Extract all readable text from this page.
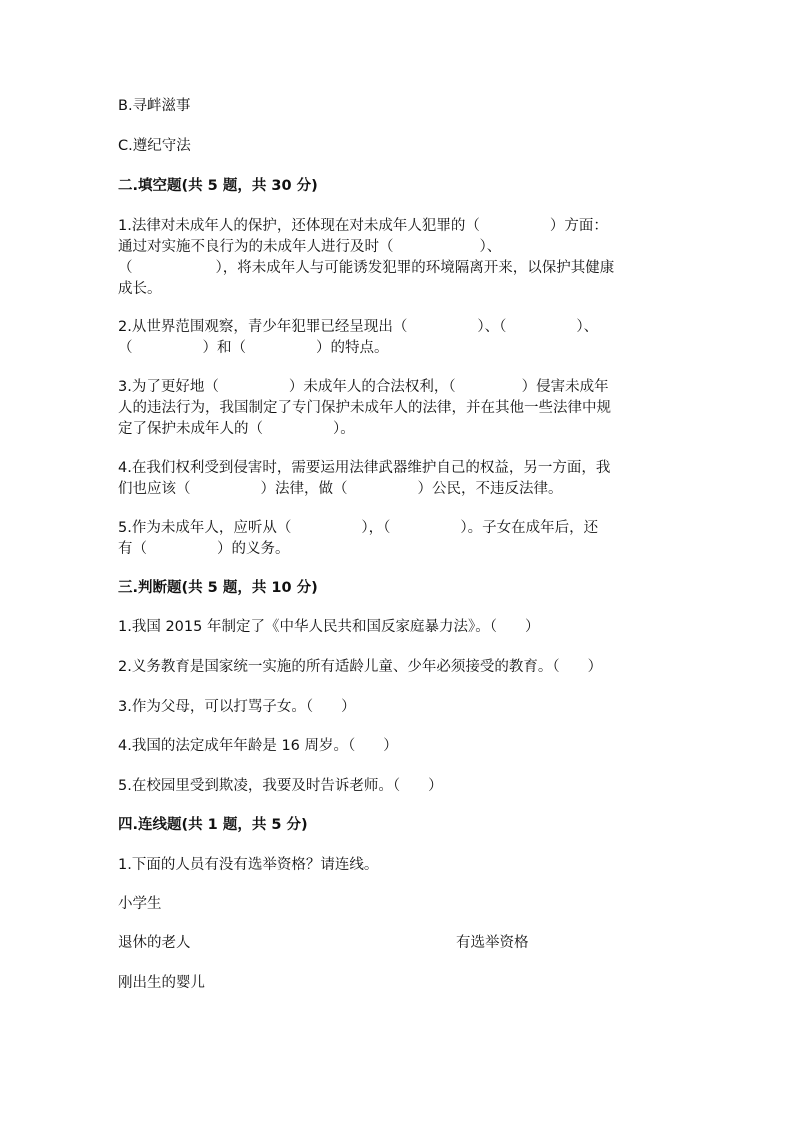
B.寻衅滋事
C.遵纪守法
二.填空题(共 5 题，共 30 分)
1.法律对未成年人的保护，还体现在对未成年人犯罪的（	）方面：
通过对实施不良行为的未成年人进行及时（	）、
（	），将未成年人与可能诱发犯罪的环境隔离开来，以保护其健康
成长。
2.从世界范围观察，青少年犯罪已经呈现出（	）、（	）、
（	）和（	）的特点。
3.为了更好地（	）未成年人的合法权利，（	）侵害未成年
人的违法行为，我国制定了专门保护未成年人的法律，并在其他一些法律中规
定了保护未成年人的（	）。
4.在我们权利受到侵害时，需要运用法律武器维护自己的权益，另一方面，我
们也应该（	）法律，做（	）公民，不违反法律。
5.作为未成年人，应听从（	），（	）。子女在成年后，还
有（	）的义务。
三.判断题(共 5 题，共 10 分)
1.我国 2015 年制定了《中华人民共和国反家庭暴力法》。（ ）
2.义务教育是国家统一实施的所有适龄儿童、少年必须接受的教育。（ ）
3.作为父母，可以打骂子女。（ ）
4.我国的法定成年年龄是 16 周岁。（ ）
5.在校园里受到欺凌，我要及时告诉老师。（ ）
四.连线题(共 1 题，共 5 分)
1.下面的人员有没有选举资格？请连线。
小学生
退休的老人	有选举资格
刚出生的婴儿
